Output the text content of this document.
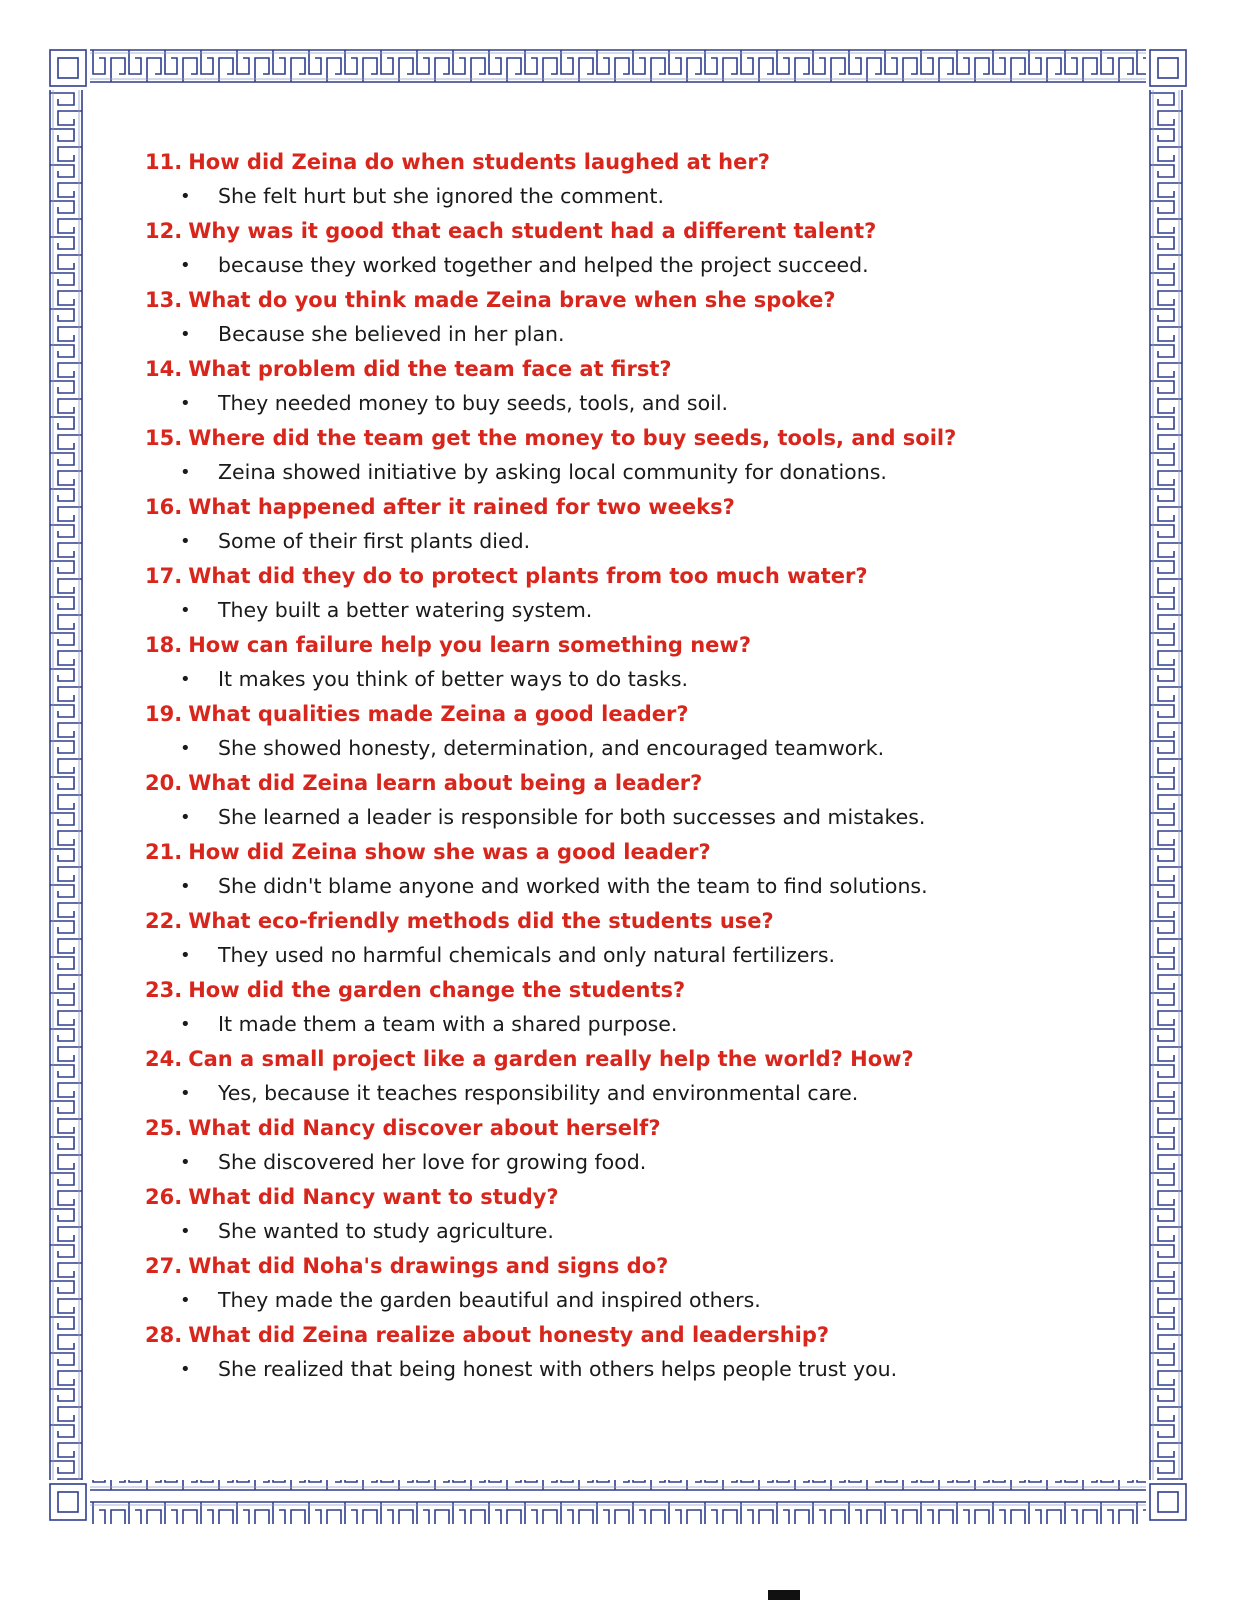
11. How did Zeina do when students laughed at her?
• She felt hurt but she ignored the comment.
12. Why was it good that each student had a different talent?
• because they worked together and helped the project succeed.
13. What do you think made Zeina brave when she spoke?
• Because she believed in her plan.
14. What problem did the team face at first?
• They needed money to buy seeds, tools, and soil.
15. Where did the team get the money to buy seeds, tools, and soil?
• Zeina showed initiative by asking local community for donations.
16. What happened after it rained for two weeks?
• Some of their first plants died.
17. What did they do to protect plants from too much water?
• They built a better watering system.
18. How can failure help you learn something new?
• It makes you think of better ways to do tasks.
19. What qualities made Zeina a good leader?
• She showed honesty, determination, and encouraged teamwork.
20. What did Zeina learn about being a leader?
• She learned a leader is responsible for both successes and mistakes.
21. How did Zeina show she was a good leader?
• She didn't blame anyone and worked with the team to find solutions.
22. What eco-friendly methods did the students use?
• They used no harmful chemicals and only natural fertilizers.
23. How did the garden change the students?
• It made them a team with a shared purpose.
24. Can a small project like a garden really help the world? How?
• Yes, because it teaches responsibility and environmental care.
25. What did Nancy discover about herself?
• She discovered her love for growing food.
26. What did Nancy want to study?
• She wanted to study agriculture.
27. What did Noha's drawings and signs do?
• They made the garden beautiful and inspired others.
28. What did Zeina realize about honesty and leadership?
• She realized that being honest with others helps people trust you.
